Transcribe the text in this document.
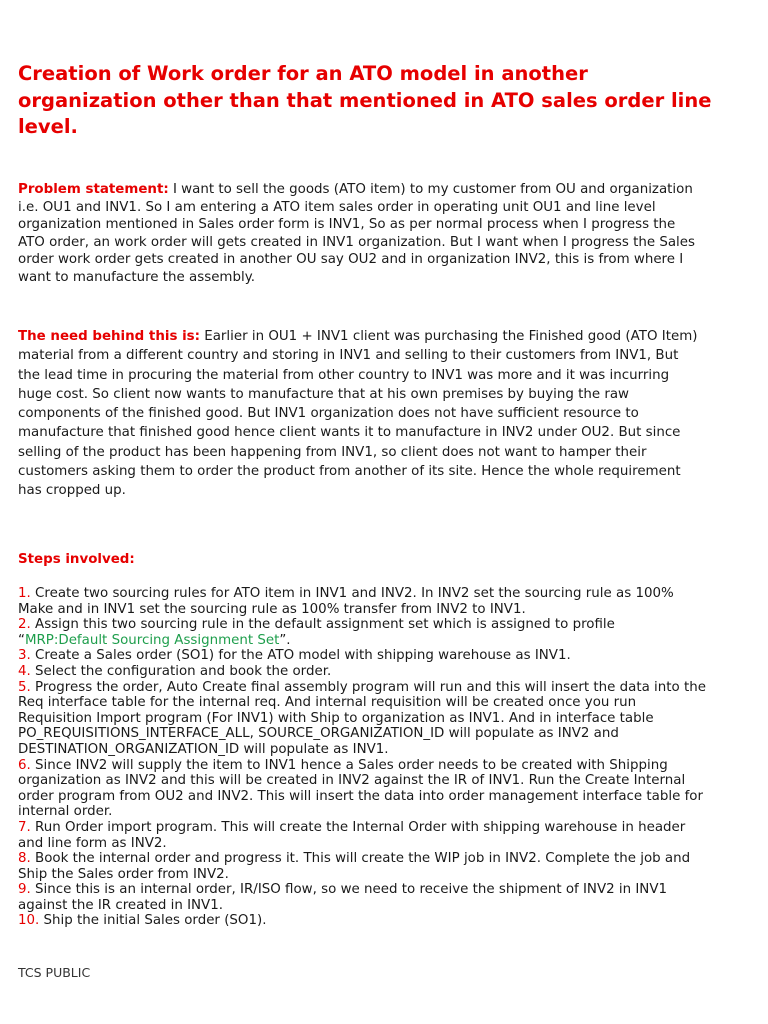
Creation of Work order for an ATO model in another organization other than that mentioned in ATO sales order line level.

Problem statement: I want to sell the goods (ATO item) to my customer from OU and organization i.e. OU1 and INV1. So I am entering a ATO item sales order in operating unit OU1 and line level organization mentioned in Sales order form is INV1, So as per normal process when I progress the ATO order, an work order will gets created in INV1 organization. But I want when I progress the Sales order work order gets created in another OU say OU2 and in organization INV2, this is from where I want to manufacture the assembly.

The need behind this is: Earlier in OU1 + INV1 client was purchasing the Finished good (ATO Item) material from a different country and storing in INV1 and selling to their customers from INV1, But the lead time in procuring the material from other country to INV1 was more and it was incurring huge cost. So client now wants to manufacture that at his own premises by buying the raw components of the finished good. But INV1 organization does not have sufficient resource to manufacture that finished good hence client wants it to manufacture in INV2 under OU2. But since selling of the product has been happening from INV1, so client does not want to hamper their customers asking them to order the product from another of its site. Hence the whole requirement has cropped up.

Steps involved:

1. Create two sourcing rules for ATO item in INV1 and INV2. In INV2 set the sourcing rule as 100% Make and in INV1 set the sourcing rule as 100% transfer from INV2 to INV1.
2. Assign this two sourcing rule in the default assignment set which is assigned to profile “MRP:Default Sourcing Assignment Set”.
3. Create a Sales order (SO1) for the ATO model with shipping warehouse as INV1.
4. Select the configuration and book the order.
5. Progress the order, Auto Create final assembly program will run and this will insert the data into the Req interface table for the internal req. And internal requisition will be created once you run Requisition Import program (For INV1) with Ship to organization as INV1. And in interface table PO_REQUISITIONS_INTERFACE_ALL, SOURCE_ORGANIZATION_ID will populate as INV2 and DESTINATION_ORGANIZATION_ID will populate as INV1.
6. Since INV2 will supply the item to INV1 hence a Sales order needs to be created with Shipping organization as INV2 and this will be created in INV2 against the IR of INV1. Run the Create Internal order program from OU2 and INV2. This will insert the data into order management interface table for internal order.
7. Run Order import program. This will create the Internal Order with shipping warehouse in header and line form as INV2.
8. Book the internal order and progress it. This will create the WIP job in INV2. Complete the job and Ship the Sales order from INV2.
9. Since this is an internal order, IR/ISO flow, so we need to receive the shipment of INV2 in INV1 against the IR created in INV1.
10. Ship the initial Sales order (SO1).

TCS PUBLIC
